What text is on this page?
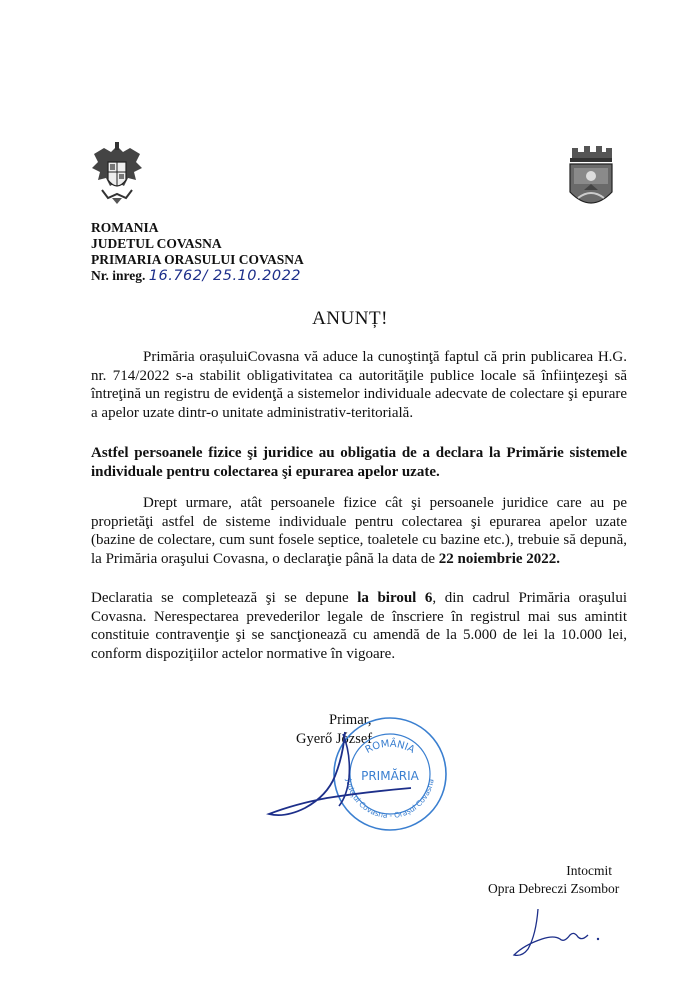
ROMANIA
JUDETUL COVASNA
PRIMARIA ORASULUI COVASNA
Nr. inreg. 16.762/ 25.10.2022
ANUNȚ!

Primăria orașuluiCovasna vă aduce la cunoştinţă faptul că prin publicarea H.G. nr. 714/2022 s-a stabilit obligativitatea ca autorităţile publice locale să înfiinţezeşi să întreţină un registru de evidenţă a sistemelor individuale adecvate de colectare şi epurare a apelor uzate dintr-o unitate administrativ-teritorială.

Astfel persoanele fizice şi juridice au obligatia de a declara la Primărie sistemele individuale pentru colectarea şi epurarea apelor uzate.

Drept urmare, atât persoanele fizice cât şi persoanele juridice care au pe proprietăţi astfel de sisteme individuale pentru colectarea şi epurarea apelor uzate (bazine de colectare, cum sunt fosele septice, toaletele cu bazine etc.), trebuie să depună, la Primăria oraşului Covasna, o declaraţie până la data de 22 noiembrie 2022.

Declaratia se completează şi se depune la biroul 6, din cadrul Primăria oraşului Covasna. Nerespectarea prevederilor legale de înscriere în registrul mai sus amintit constituie contravenţie şi se sancţionează cu amendă de la 5.000 de lei la 10.000 lei, conform dispoziţiilor actelor normative în vigoare.

Primar,
Gyerő József
ROMÂNIA
Județul Covasna - Orașul Covasna
PRIMĂRIA
Intocmit
Opra Debreczi Zsombor
